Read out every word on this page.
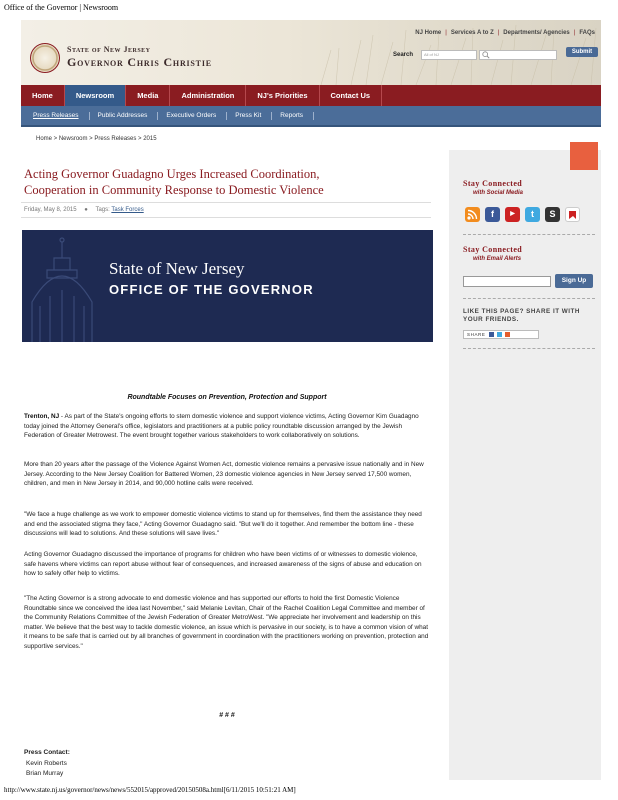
Office of the Governor | Newsroom
NJ Home | Services A to Z | Departments/ Agencies | FAQs
State of New Jersey
Governor Chris Christie	Search	All of NJ	Submit
Home	Newsroom	Media	Administration	NJ's Priorities	Contact Us
Press Releases	Public Addresses	Executive Orders	Press Kit	Reports
Home > Newsroom > Press Releases > 2015
Acting Governor Guadagno Urges Increased Coordination,
Cooperation in Community Response to Domestic Violence
Friday, May 8, 2015 ● Tags: Task Forces
State of New Jersey
OFFICE OF THE GOVERNOR
Roundtable Focuses on Prevention, Protection and Support
Trenton, NJ - As part of the State's ongoing efforts to stem domestic violence and support violence victims, Acting Governor Kim Guadagno today joined the Attorney General's office, legislators and practitioners at a public policy roundtable discussion arranged by the Jewish Federation of Greater Metrowest. The event brought together various stakeholders to work collaboratively on solutions.
More than 20 years after the passage of the Violence Against Women Act, domestic violence remains a pervasive issue nationally and in New Jersey. According to the New Jersey Coalition for Battered Women, 23 domestic violence agencies in New Jersey served 17,500 women, children, and men in New Jersey in 2014, and 90,000 hotline calls were received.
"We face a huge challenge as we work to empower domestic violence victims to stand up for themselves, find them the assistance they need and end the associated stigma they face," Acting Governor Guadagno said. "But we'll do it together. And remember the bottom line - these discussions will lead to solutions. And these solutions will save lives."
Acting Governor Guadagno discussed the importance of programs for children who have been victims of or witnesses to domestic violence, safe havens where victims can report abuse without fear of consequences, and increased awareness of the signs of abuse and education on how to safely offer help to victims.
"The Acting Governor is a strong advocate to end domestic violence and has supported our efforts to hold the first Domestic Violence Roundtable since we conceived the idea last November," said Melanie Levitan, Chair of the Rachel Coalition Legal Committee and member of the Community Relations Committee of the Jewish Federation of Greater MetroWest. "We appreciate her involvement and leadership on this matter. We believe that the best way to tackle domestic violence, an issue which is pervasive in our society, is to have a common vision of what it means to be safe that is carried out by all branches of government in coordination with the practitioners working on prevention, protection and supportive services."
# # #
Press Contact:
Kevin Roberts
Brian Murray
Stay Connected
with Social Media
f	▶	t	S
Stay Connected
with Email Alerts
Sign Up
LIKE THIS PAGE? SHARE IT WITH YOUR FRIENDS.
SHARE
http://www.state.nj.us/governor/news/news/552015/approved/20150508a.html[6/11/2015 10:51:21 AM]
